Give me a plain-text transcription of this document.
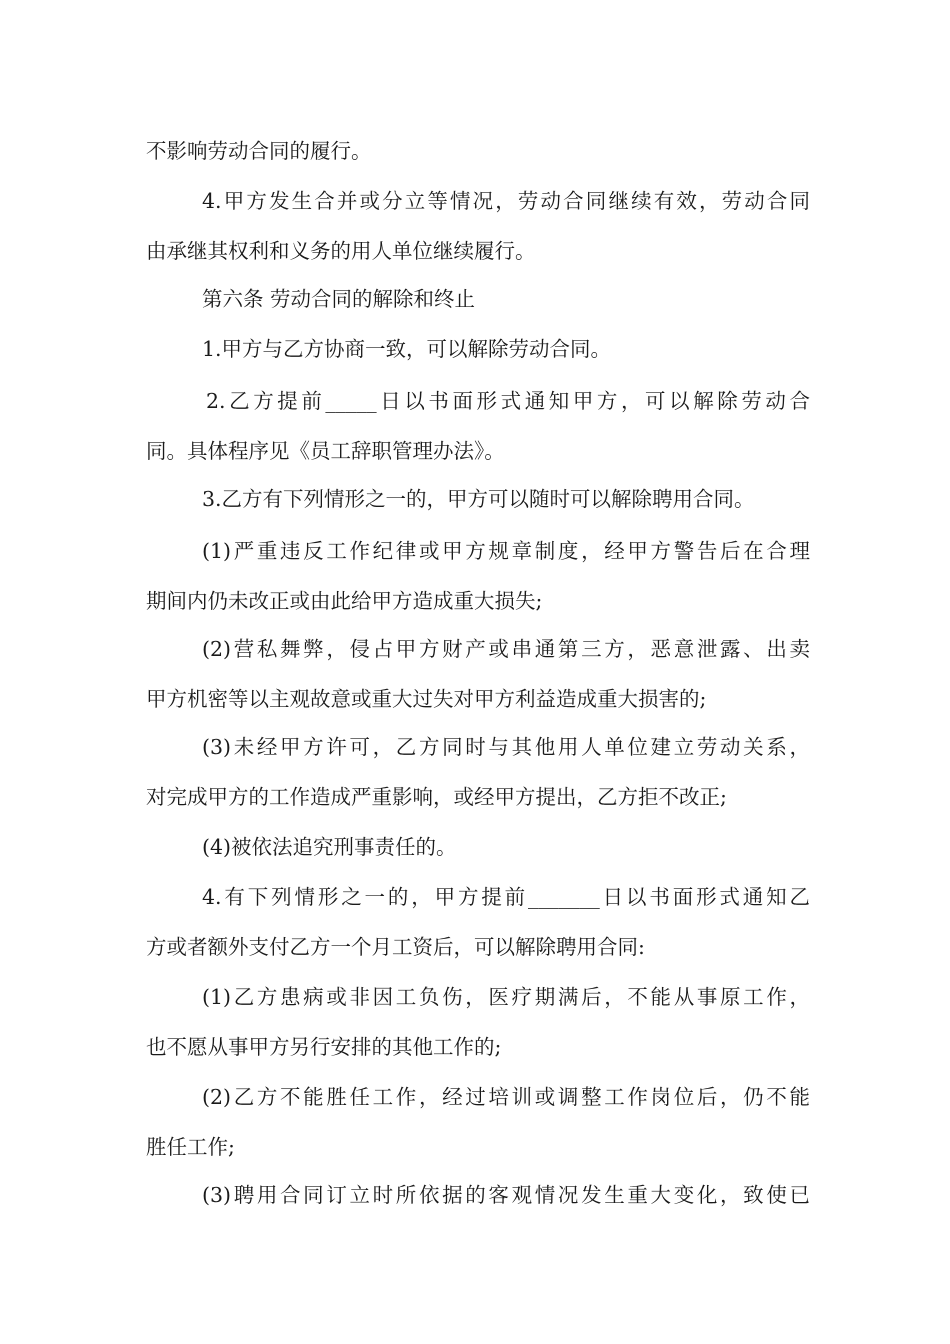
不影响劳动合同的履行。
4.甲方发生合并或分立等情况，劳动合同继续有效，劳动合同
由承继其权利和义务的用人单位继续履行。
第六条 劳动合同的解除和终止
1.甲方与乙方协商一致，可以解除劳动合同。
2.乙方提前_____日以书面形式通知甲方，可以解除劳动合
同。具体程序见《员工辞职管理办法》。
3.乙方有下列情形之一的，甲方可以随时可以解除聘用合同。
(1)严重违反工作纪律或甲方规章制度，经甲方警告后在合理
期间内仍未改正或由此给甲方造成重大损失;
(2)营私舞弊，侵占甲方财产或串通第三方，恶意泄露、出卖
甲方机密等以主观故意或重大过失对甲方利益造成重大损害的;
(3)未经甲方许可，乙方同时与其他用人单位建立劳动关系，
对完成甲方的工作造成严重影响，或经甲方提出，乙方拒不改正;
(4)被依法追究刑事责任的。
4.有下列情形之一的，甲方提前_______日以书面形式通知乙
方或者额外支付乙方一个月工资后，可以解除聘用合同:
(1)乙方患病或非因工负伤，医疗期满后，不能从事原工作，
也不愿从事甲方另行安排的其他工作的;
(2)乙方不能胜任工作，经过培训或调整工作岗位后，仍不能
胜任工作;
(3)聘用合同订立时所依据的客观情况发生重大变化，致使已
